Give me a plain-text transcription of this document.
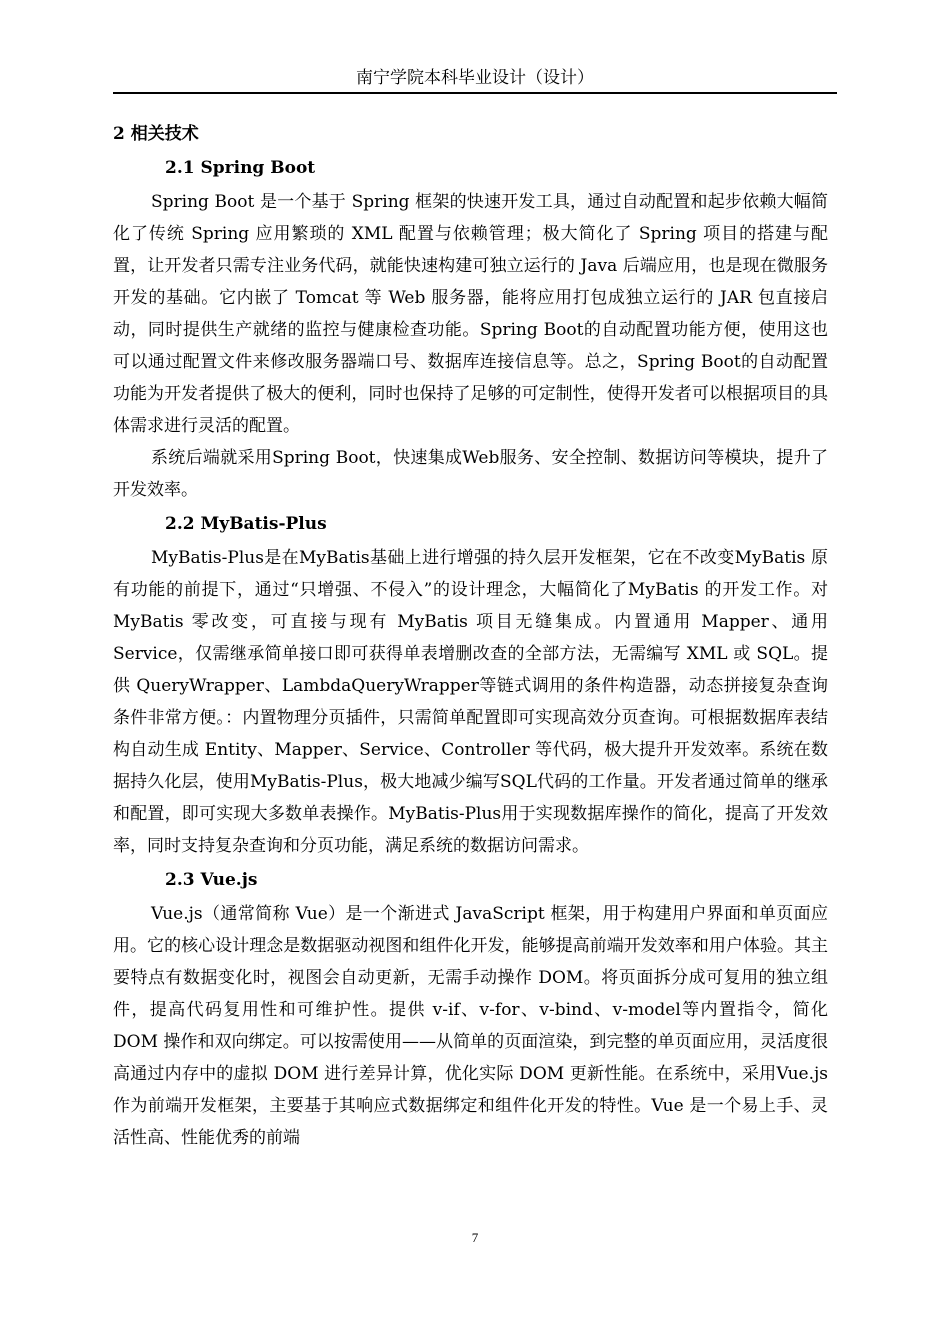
南宁学院本科毕业设计（设计）
2 相关技术
2.1 Spring Boot

Spring Boot 是一个基于 Spring 框架的快速开发工具，通过自动配置和起步依赖大幅简化了传统 Spring 应用繁琐的 XML 配置与依赖管理；极大简化了 Spring 项目的搭建与配置，让开发者只需专注业务代码，就能快速构建可独立运行的 Java 后端应用，也是现在微服务开发的基础。它内嵌了 Tomcat 等 Web 服务器，能将应用打包成独立运行的 JAR 包直接启动，同时提供生产就绪的监控与健康检查功能。Spring Boot的自动配置功能方便，使用这也可以通过配置文件来修改服务器端口号、数据库连接信息等。总之，Spring Boot的自动配置功能为开发者提供了极大的便利，同时也保持了足够的可定制性，使得开发者可以根据项目的具体需求进行灵活的配置。

系统后端就采用Spring Boot，快速集成Web服务、安全控制、数据访问等模块，提升了开发效率。

2.2 MyBatis-Plus

MyBatis-Plus是在MyBatis基础上进行增强的持久层开发框架，它在不改变MyBatis 原有功能的前提下，通过“只增强、不侵入”的设计理念，大幅简化了MyBatis 的开发工作。对 MyBatis 零改变，可直接与现有 MyBatis 项目无缝集成。内置通用 Mapper、通用 Service，仅需继承简单接口即可获得单表增删改查的全部方法，无需编写 XML 或 SQL。提供 QueryWrapper、LambdaQueryWrapper等链式调用的条件构造器，动态拼接复杂查询条件非常方便。：内置物理分页插件，只需简单配置即可实现高效分页查询。可根据数据库表结构自动生成 Entity、Mapper、Service、Controller 等代码，极大提升开发效率。系统在数据持久化层，使用MyBatis-Plus，极大地减少编写SQL代码的工作量。开发者通过简单的继承和配置，即可实现大多数单表操作。MyBatis-Plus用于实现数据库操作的简化，提高了开发效率，同时支持复杂查询和分页功能，满足系统的数据访问需求。

2.3 Vue.js

Vue.js（通常简称 Vue）是一个渐进式 JavaScript 框架，用于构建用户界面和单页面应用。它的核心设计理念是数据驱动视图和组件化开发，能够提高前端开发效率和用户体验。其主要特点有数据变化时，视图会自动更新，无需手动操作 DOM。将页面拆分成可复用的独立组件，提高代码复用性和可维护性。提供 v-if、v-for、v-bind、v-model等内置指令，简化 DOM 操作和双向绑定。可以按需使用——从简单的页面渲染，到完整的单页面应用，灵活度很高通过内存中的虚拟 DOM 进行差异计算，优化实际 DOM 更新性能。在系统中，采用Vue.js作为前端开发框架，主要基于其响应式数据绑定和组件化开发的特性。Vue 是一个易上手、灵活性高、性能优秀的前端

7
